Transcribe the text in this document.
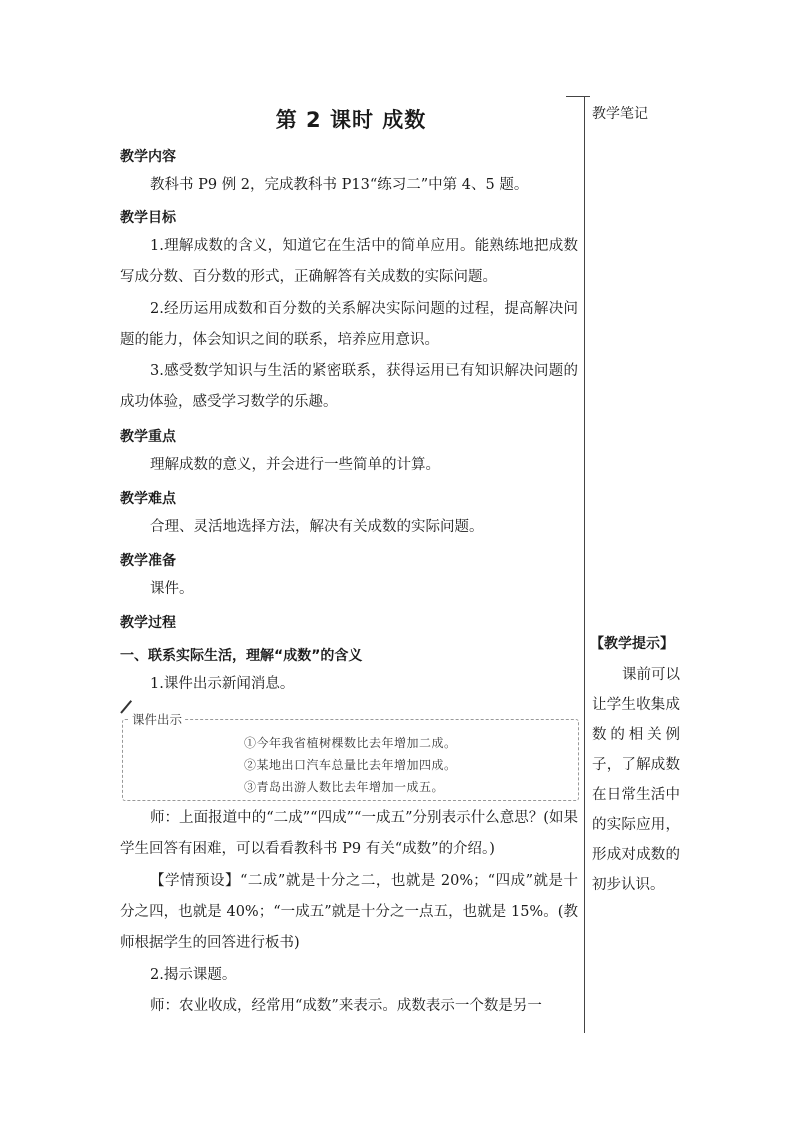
第 2 课时 成数
教学内容

教科书 P9 例 2，完成教科书 P13“练习二”中第 4、5 题。

教学目标

1.理解成数的含义，知道它在生活中的简单应用。能熟练地把成数写成分数、百分数的形式，正确解答有关成数的实际问题。

2.经历运用成数和百分数的关系解决实际问题的过程，提高解决问题的能力，体会知识之间的联系，培养应用意识。

3.感受数学知识与生活的紧密联系，获得运用已有知识解决问题的成功体验，感受学习数学的乐趣。

教学重点

理解成数的意义，并会进行一些简单的计算。

教学难点

合理、灵活地选择方法，解决有关成数的实际问题。

教学准备

课件。

教学过程
一、联系实际生活，理解“成数”的含义

1.课件出示新闻消息。

师：上面报道中的“二成”“四成”“一成五”分别表示什么意思？(如果学生回答有困难，可以看看教科书 P9 有关“成数”的介绍。)

【学情预设】“二成”就是十分之二，也就是 20%；“四成”就是十分之四，也就是 40%；“一成五”就是十分之一点五，也就是 15%。(教师根据学生的回答进行板书)

2.揭示课题。

师：农业收成，经常用“成数”来表示。成数表示一个数是另一

课件出示
①今年我省植树棵数比去年增加二成。
②某地出口汽车总量比去年增加四成。
③青岛出游人数比去年增加一成五。
教学笔记
【教学提示】

课前可以让学生收集成数的相关例子，了解成数在日常生活中的实际应用，形成对成数的初步认识。
